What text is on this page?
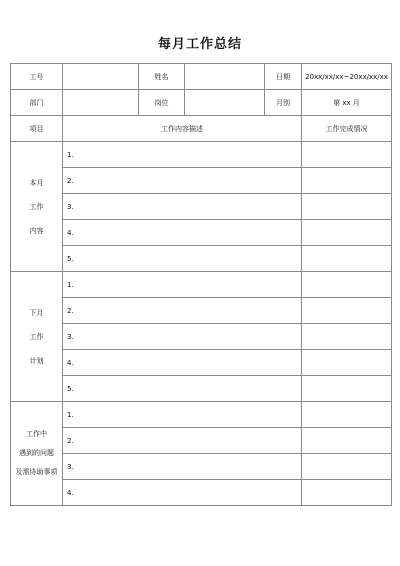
每月工作总结
工号		姓名		日期	20xx/xx/xx~20xx/xx/xx
部门		岗位		月别	第 xx 月
项目	工作内容描述				工作完成情况

本月
工作
内容	1.				
	2.				
	3.				
	4.				
	5.				

下月
工作
计划	1.				
	2.				
	3.				
	4.				
	5.				

工作中
遇到的问题
及需协助事项	1.				
	2.				
	3.				
	4.				
